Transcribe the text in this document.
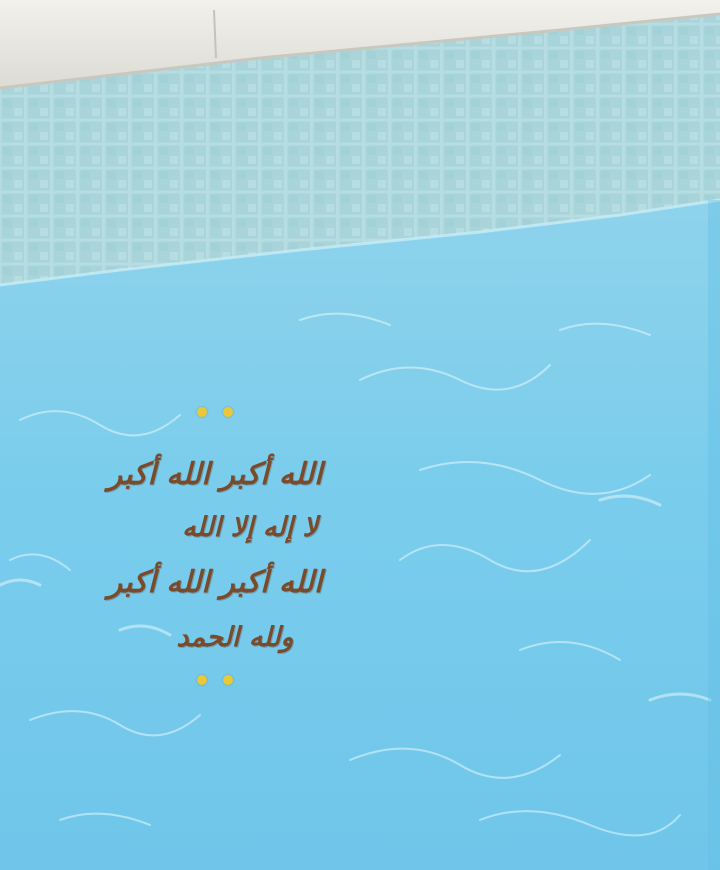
الله أكبر الله أكبر
لا إله إلا الله
الله أكبر الله أكبر
ولله الحمد
